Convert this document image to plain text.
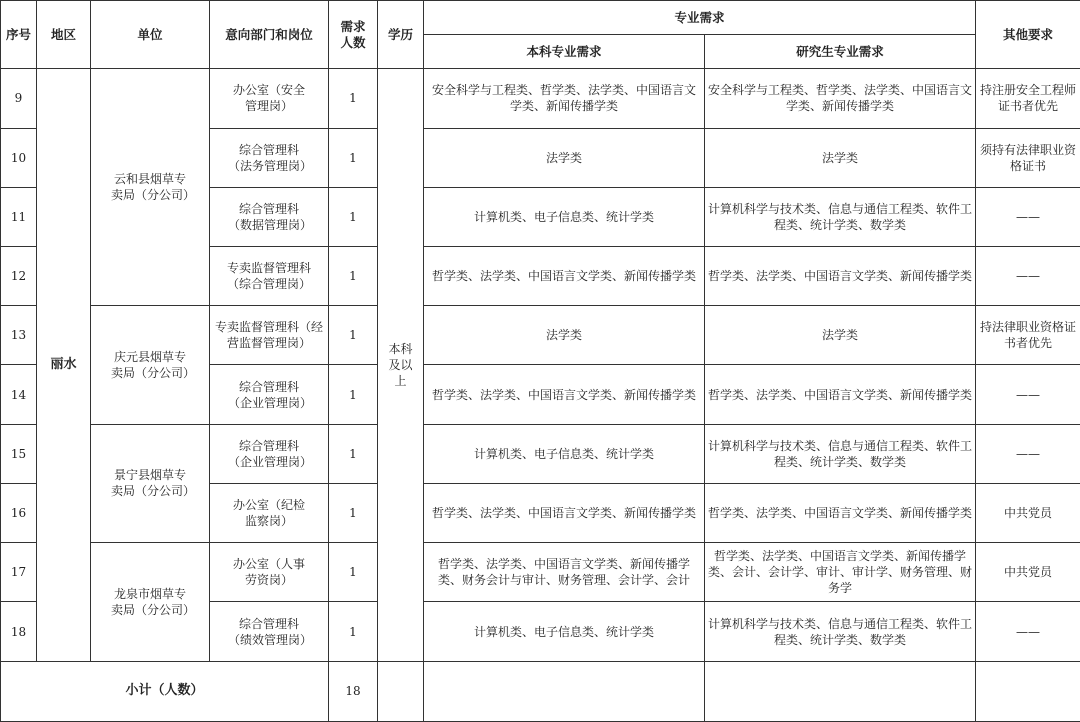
序号	地区	单位	意向部门和岗位	需求人数	学历	专业需求		其他要求
						本科专业需求	研究生专业需求	
9	丽水	云和县烟草专卖局（分公司）	办公室（安全管理岗）	1	本科及以上	安全科学与工程类、哲学类、法学类、中国语言文学类、新闻传播学类	安全科学与工程类、哲学类、法学类、中国语言文学类、新闻传播学类	持注册安全工程师证书者优先
10			综合管理科（法务管理岗）	1		法学类	法学类	须持有法律职业资格证书
11			综合管理科（数据管理岗）	1		计算机类、电子信息类、统计学类	计算机科学与技术类、信息与通信工程类、软件工程类、统计学类、数学类	——
12			专卖监督管理科（综合管理岗）	1		哲学类、法学类、中国语言文学类、新闻传播学类	哲学类、法学类、中国语言文学类、新闻传播学类	——
13		庆元县烟草专卖局（分公司）	专卖监督管理科（经营监督管理岗）	1		法学类	法学类	持法律职业资格证书者优先
14			综合管理科（企业管理岗）	1		哲学类、法学类、中国语言文学类、新闻传播学类	哲学类、法学类、中国语言文学类、新闻传播学类	——
15		景宁县烟草专卖局（分公司）	综合管理科（企业管理岗）	1		计算机类、电子信息类、统计学类	计算机科学与技术类、信息与通信工程类、软件工程类、统计学类、数学类	——
16			办公室（纪检监察岗）	1		哲学类、法学类、中国语言文学类、新闻传播学类	哲学类、法学类、中国语言文学类、新闻传播学类	中共党员
17		龙泉市烟草专卖局（分公司）	办公室（人事劳资岗）	1		哲学类、法学类、中国语言文学类、新闻传播学类、财务会计与审计、财务管理、会计学、会计	哲学类、法学类、中国语言文学类、新闻传播学类、会计、会计学、审计、审计学、财务管理、财务学	中共党员
18			综合管理科（绩效管理岗）	1		计算机类、电子信息类、统计学类	计算机科学与技术类、信息与通信工程类、软件工程类、统计学类、数学类	——
小计（人数）				18				
